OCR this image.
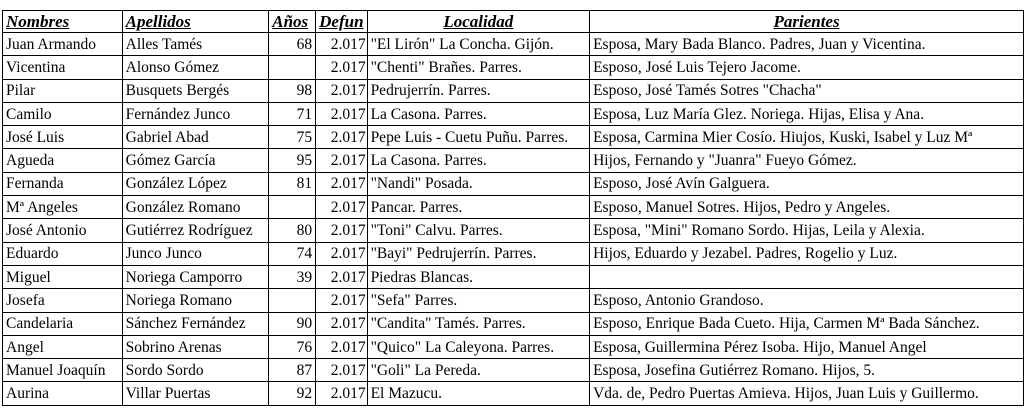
Nombres	Apellidos	Años	Defun	Localidad	Parientes
Juan Armando	Alles Tamés	68	2.017	"El Lirón" La Concha. Gijón.	Esposa, Mary Bada Blanco. Padres, Juan y Vicentina.
Vicentina	Alonso Gómez		2.017	"Chenti" Brañes. Parres.	Esposo, José Luis Tejero Jacome.
Pilar	Busquets Bergés	98	2.017	Pedrujerrín. Parres.	Esposo, José Tamés Sotres "Chacha"
Camilo	Fernández Junco	71	2.017	La Casona. Parres.	Esposa, Luz María Glez. Noriega. Hijas, Elisa y Ana.
José Luis	Gabriel Abad	75	2.017	Pepe Luis - Cuetu Puñu. Parres.	Esposa, Carmina Mier Cosío. Hiujos, Kuski, Isabel y Luz Mª
Agueda	Gómez García	95	2.017	La Casona. Parres.	Hijos, Fernando y "Juanra" Fueyo Gómez.
Fernanda	González López	81	2.017	"Nandi" Posada.	Esposo, José Avín Galguera.
Mª Angeles	González Romano		2.017	Pancar. Parres.	Esposo, Manuel Sotres. Hijos, Pedro y Angeles.
José Antonio	Gutiérrez Rodríguez	80	2.017	"Toni" Calvu. Parres.	Esposa, "Mini" Romano Sordo. Hijas, Leila y Alexia.
Eduardo	Junco Junco	74	2.017	"Bayi" Pedrujerrín. Parres.	Hijos, Eduardo y Jezabel. Padres, Rogelio y Luz.
Miguel	Noriega Camporro	39	2.017	Piedras Blancas.	
Josefa	Noriega Romano		2.017	"Sefa" Parres.	Esposo, Antonio Grandoso.
Candelaria	Sánchez Fernández	90	2.017	"Candita" Tamés. Parres.	Esposo, Enrique Bada Cueto. Hija, Carmen Mª Bada Sánchez.
Angel	Sobrino Arenas	76	2.017	"Quico" La Caleyona. Parres.	Esposa, Guillermina Pérez Isoba. Hijo, Manuel Angel
Manuel Joaquín	Sordo Sordo	87	2.017	"Goli" La Pereda.	Esposa, Josefina Gutiérrez Romano. Hijos, 5.
Aurina	Villar Puertas	92	2.017	El Mazucu.	Vda. de, Pedro Puertas Amieva. Hijos, Juan Luis y Guillermo.
